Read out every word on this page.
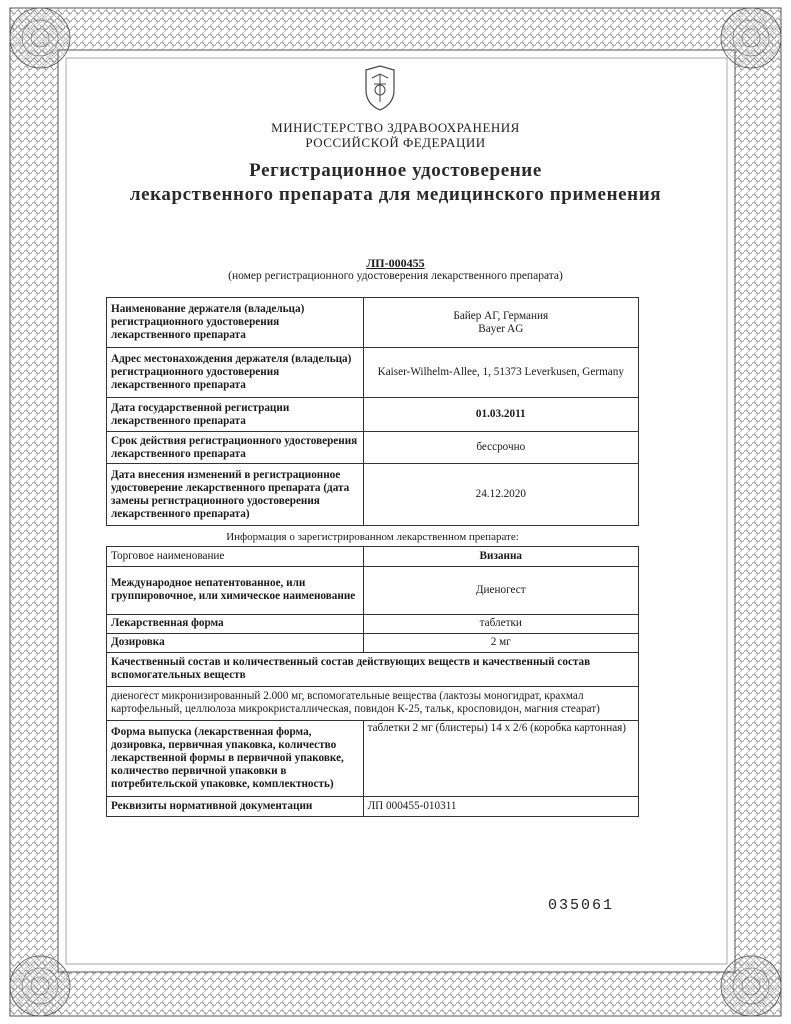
МИНИСТЕРСТВО ЗДРАВООХРАНЕНИЯ
РОССИЙСКОЙ ФЕДЕРАЦИИ
Регистрационное удостоверение
лекарственного препарата для медицинского применения
ЛП-000455
(номер регистрационного удостоверения лекарственного препарата)
Наименование держателя (владельца) регистрационного удостоверения лекарственного препарата	Байер АГ, Германия
Bayer AG

Адрес местонахождения держателя (владельца) регистрационного удостоверения лекарственного препарата	Kaiser-Wilhelm-Allee, 1, 51373 Leverkusen, Germany
Дата государственной регистрации лекарственного препарата	01.03.2011
Срок действия регистрационного удостоверения лекарственного препарата	бессрочно
Дата внесения изменений в регистрационное удостоверение лекарственного препарата (дата замены регистрационного удостоверения лекарственного препарата)	24.12.2020
Информация о зарегистрированном лекарственном препарате:	
Торговое наименование	Визанна
Международное непатентованное, или группировочное, или химическое наименование	Диеногест
Лекарственная форма	таблетки
Дозировка	2 мг
Качественный состав и количественный состав действующих веществ и качественный состав вспомогательных веществ	
диеногест микронизированный 2.000 мг, вспомогательные вещества (лактозы моногидрат, крахмал картофельный, целлюлоза микрокристаллическая, повидон К-25, тальк, кросповидон, магния стеарат)	
Форма выпуска (лекарственная форма, дозировка, первичная упаковка, количество лекарственной формы в первичной упаковке, количество первичной упаковки в потребительской упаковке, комплектность)	таблетки 2 мг (блистеры) 14 x 2/6 (коробка картонная)
Реквизиты нормативной документации	ЛП 000455-010311
035061
